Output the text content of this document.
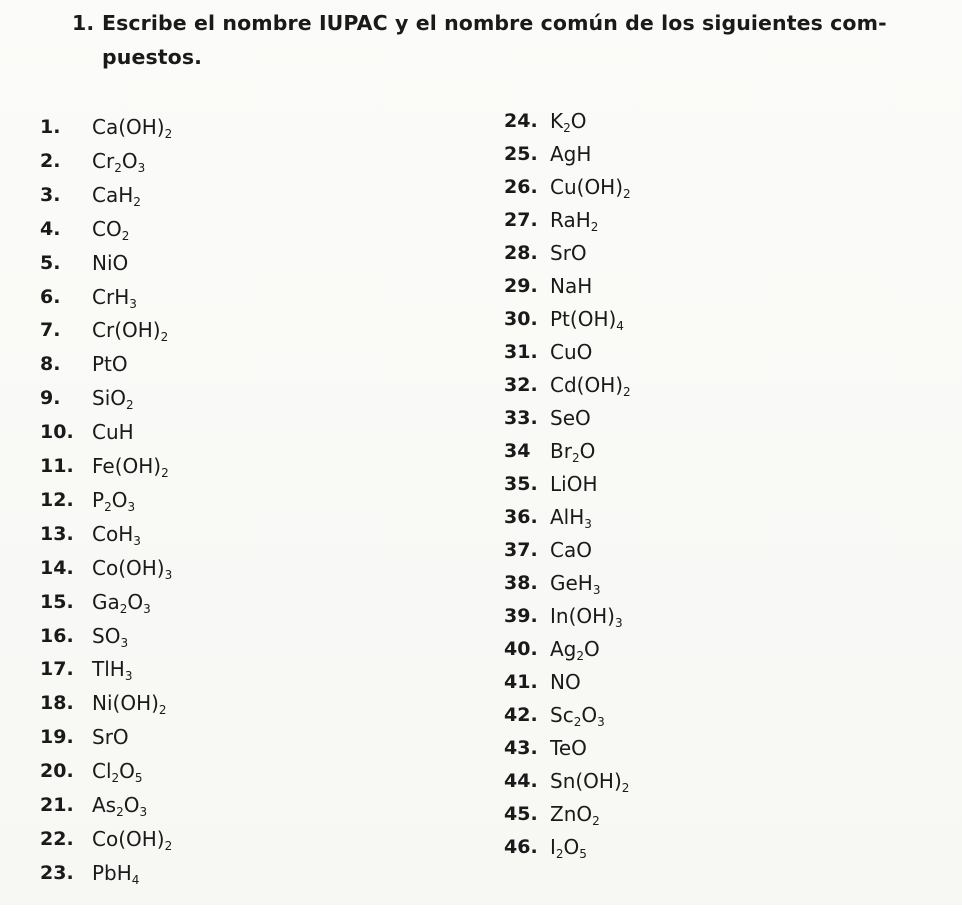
1. Escribe el nombre IUPAC y el nombre común de los siguientes com-
puestos.
1. $Ca(OH)_2$
2. $Cr_2O_3$
3. CaH$_2$
4. $CO_2$
5. NiO
6. CrH$_3$
7. $Cr(OH)_2$
8. PtO
9. SiO$_2$
10. CuH
11. $Fe(OH)_2$
12. $P_2O_3$
13. CoH$_3$
14. $Co(OH)_3$
15. $Ga_2O_3$
16. $SO_3$
17. TlH$_3$
18. $Ni(OH)_2$
19. SrO
20. $Cl_2O_5$
21. $As_2O_3$
22. $Co(OH)_2$
23. PbH$_4$
24. $K_2O$
25. AgH
26. $Cu(OH)_2$
27. RaH$_2$
28. SrO
29. NaH
30. $Pt(OH)_4$
31. CuO
32. $Cd(OH)_2$
33. SeO
34 $Br_2O$
35. LiOH
36. AlH$_3$
37. CaO
38. GeH$_3$
39. $In(OH)_3$
40. $Ag_2O$
41. NO
42. $Sc_2O_3$
43. TeO
44. $Sn(OH)_2$
45. ZnO$_2$
46. $I_2O_5$
